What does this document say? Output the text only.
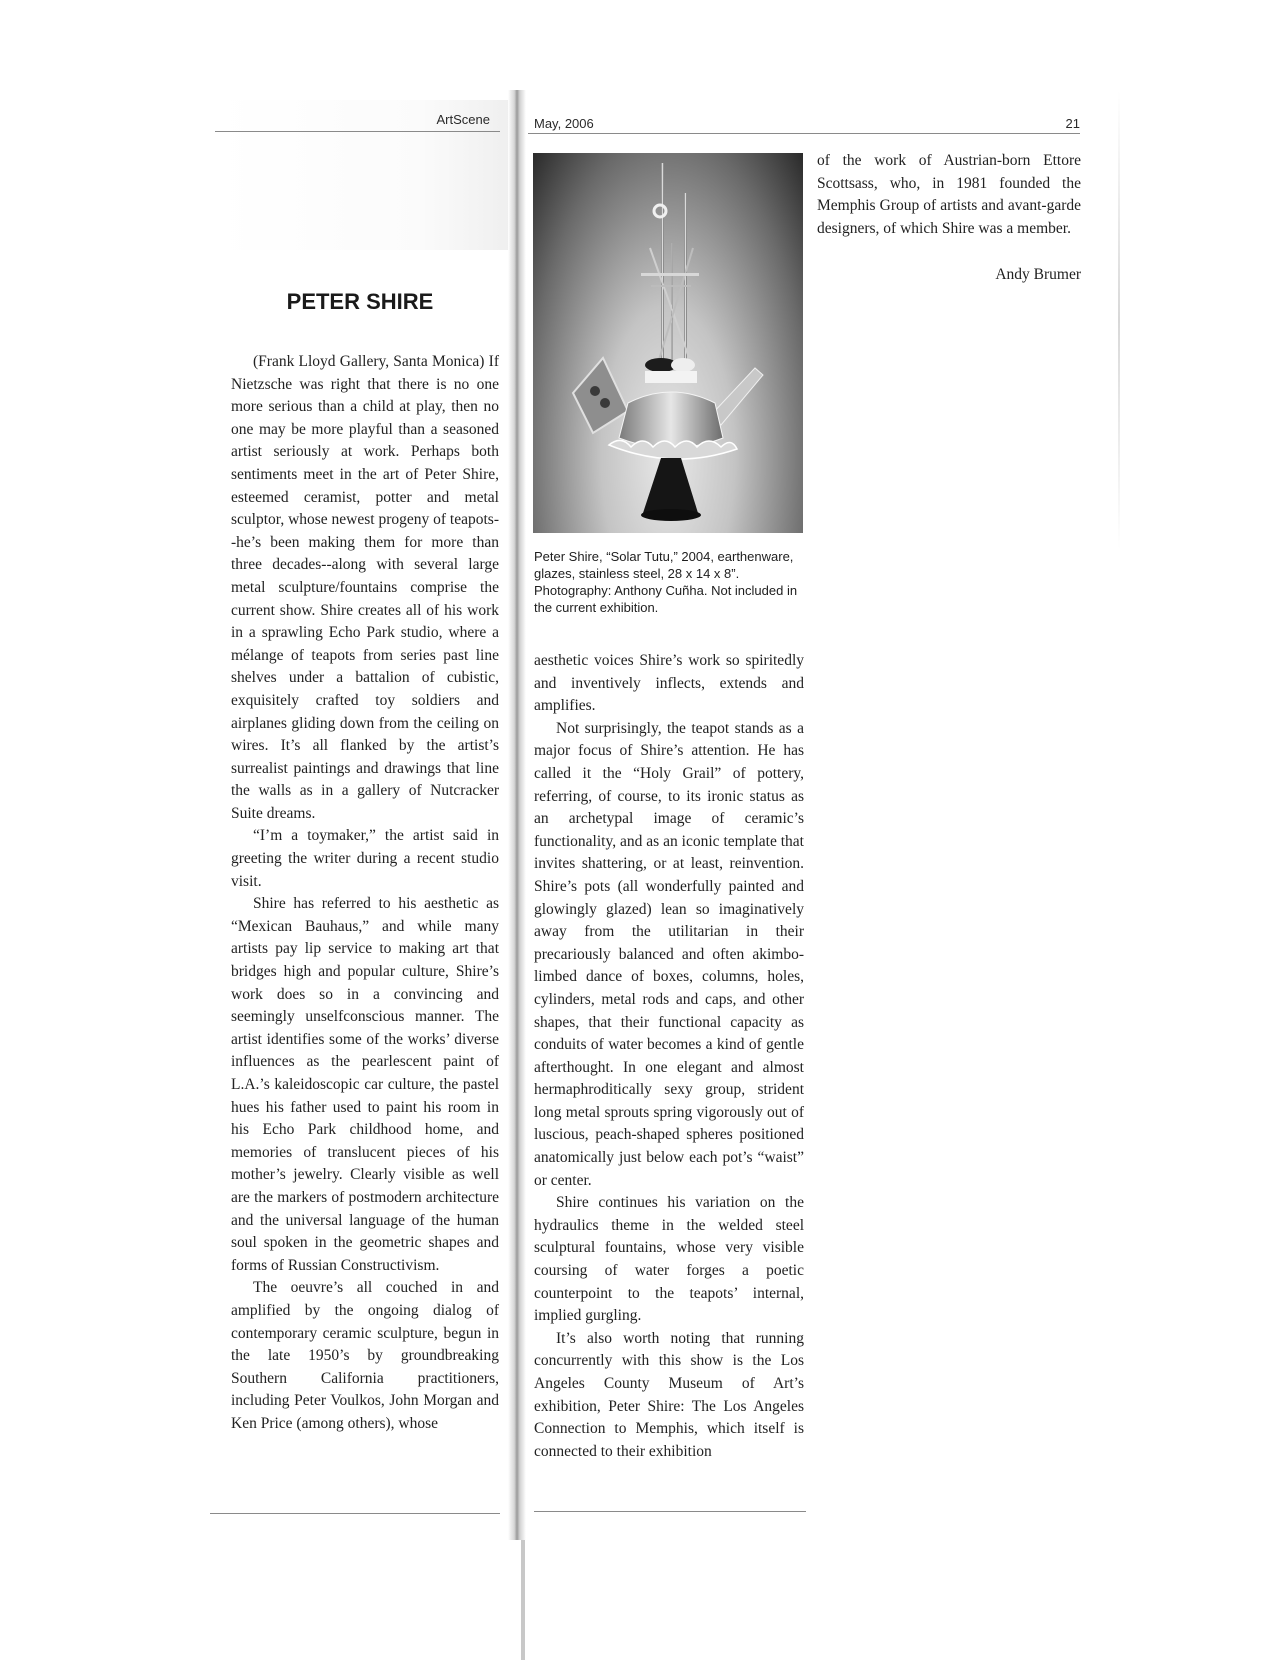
ArtScene	May, 2006	21
PETER SHIRE

(Frank Lloyd Gallery, Santa Monica) If Nietzsche was right that there is no one more serious than a child at play, then no one may be more playful than a seasoned artist seriously at work. Perhaps both sentiments meet in the art of Peter Shire, esteemed ceramist, potter and metal sculptor, whose newest progeny of teapots--he’s been making them for more than three decades--along with several large metal sculpture/fountains comprise the current show. Shire creates all of his work in a sprawling Echo Park studio, where a mélange of teapots from series past line shelves under a battalion of cubistic, exquisitely crafted toy soldiers and airplanes gliding down from the ceiling on wires. It’s all flanked by the artist’s surrealist paintings and drawings that line the walls as in a gallery of Nutcracker Suite dreams.

“I’m a toymaker,” the artist said in greeting the writer during a recent studio visit.

Shire has referred to his aesthetic as “Mexican Bauhaus,” and while many artists pay lip service to making art that bridges high and popular culture, Shire’s work does so in a convincing and seemingly unselfconscious manner. The artist identifies some of the works’ diverse influences as the pearlescent paint of L.A.’s kaleidoscopic car culture, the pastel hues his father used to paint his room in his Echo Park childhood home, and memories of translucent pieces of his mother’s jewelry. Clearly visible as well are the markers of postmodern architecture and the universal language of the human soul spoken in the geometric shapes and forms of Russian Constructivism.

The oeuvre’s all couched in and amplified by the ongoing dialog of contemporary ceramic sculpture, begun in the late 1950’s by groundbreaking Southern California practitioners, including Peter Voulkos, John Morgan and Ken Price (among others), whose

Peter Shire, “Solar Tutu,” 2004, earthenware, glazes, stainless steel, 28 x 14 x 8”. Photography: Anthony Cuñha. Not included in the current exhibition.

aesthetic voices Shire’s work so spiritedly and inventively inflects, extends and amplifies.

Not surprisingly, the teapot stands as a major focus of Shire’s attention. He has called it the “Holy Grail” of pottery, referring, of course, to its ironic status as an archetypal image of ceramic’s functionality, and as an iconic template that invites shattering, or at least, reinvention. Shire’s pots (all wonderfully painted and glowingly glazed) lean so imaginatively away from the utilitarian in their precariously balanced and often akimbo-limbed dance of boxes, columns, holes, cylinders, metal rods and caps, and other shapes, that their functional capacity as conduits of water becomes a kind of gentle afterthought. In one elegant and almost hermaphroditically sexy group, strident long metal sprouts spring vigorously out of luscious, peach-shaped spheres positioned anatomically just below each pot’s “waist” or center.

Shire continues his variation on the hydraulics theme in the welded steel sculptural fountains, whose very visible coursing of water forges a poetic counterpoint to the teapots’ internal, implied gurgling.

It’s also worth noting that running concurrently with this show is the Los Angeles County Museum of Art’s exhibition, Peter Shire: The Los Angeles Connection to Memphis, which itself is connected to their exhibition

of the work of Austrian-born Ettore Scottsass, who, in 1981 founded the Memphis Group of artists and avant-garde designers, of which Shire was a member.

Andy Brumer
